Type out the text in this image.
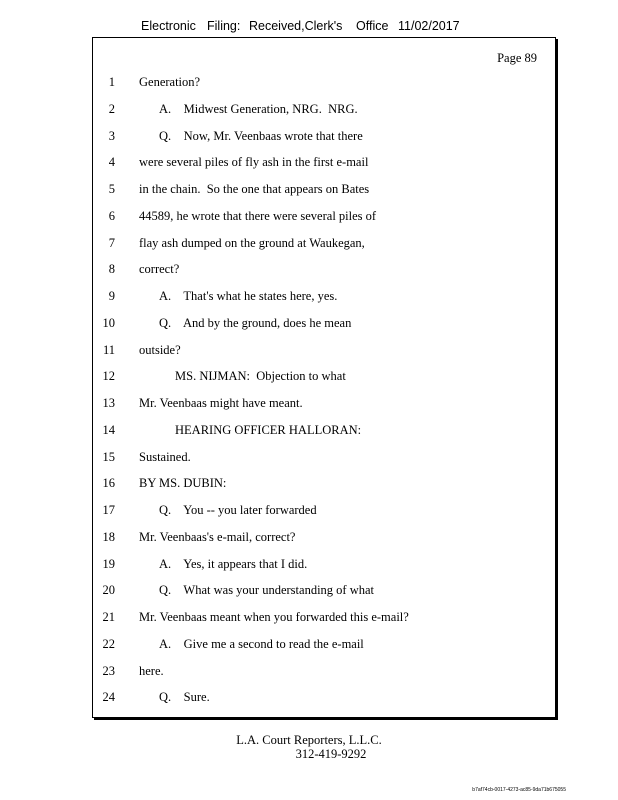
Electronic Filing: Received,Clerk's Office 11/02/2017
Page 89
1 Generation?
2	A.    Midwest Generation, NRG.  NRG.
3	Q.    Now, Mr. Veenbaas wrote that there
4 were several piles of fly ash in the first e-mail
5 in the chain.  So the one that appears on Bates
6 44589, he wrote that there were several piles of
7 flay ash dumped on the ground at Waukegan,
8 correct?
9	A.    That's what he states here, yes.
10	Q.    And by the ground, does he mean
11 outside?
12	MS. NIJMAN:  Objection to what
13 Mr. Veenbaas might have meant.
14	HEARING OFFICER HALLORAN:
15 Sustained.
16 BY MS. DUBIN:
17	Q.    You -- you later forwarded
18 Mr. Veenbaas's e-mail, correct?
19	A.    Yes, it appears that I did.
20	Q.    What was your understanding of what
21 Mr. Veenbaas meant when you forwarded this e-mail?
22	A.    Give me a second to read the e-mail
23 here.
24	Q.    Sure.
L.A. Court Reporters, L.L.C.
312-419-9292
b7af74cb-0017-4273-ac85-9da71b675055
